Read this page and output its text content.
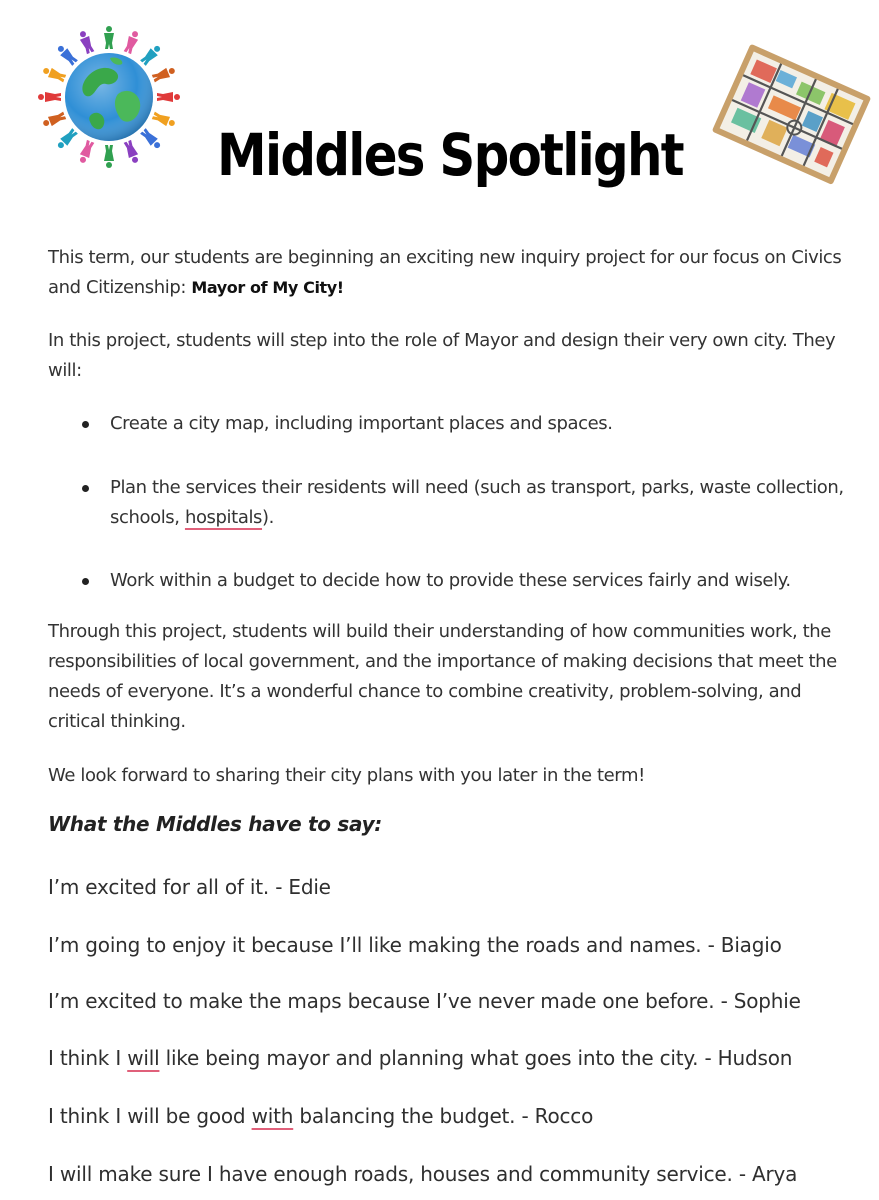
Middles Spotlight
This term, our students are beginning an exciting new inquiry project for our focus on Civics and Citizenship: Mayor of My City!
In this project, students will step into the role of Mayor and design their very own city. They will:
Create a city map, including important places and spaces.
Plan the services their residents will need (such as transport, parks, waste collection, schools, hospitals).
Work within a budget to decide how to provide these services fairly and wisely.
Through this project, students will build their understanding of how communities work, the responsibilities of local government, and the importance of making decisions that meet the needs of everyone. It’s a wonderful chance to combine creativity, problem-solving, and critical thinking.
We look forward to sharing their city plans with you later in the term!
What the Middles have to say:
I’m excited for all of it. - Edie
I’m going to enjoy it because I’ll like making the roads and names. - Biagio
I’m excited to make the maps because I’ve never made one before. - Sophie
I think I will like being mayor and planning what goes into the city. - Hudson
I think I will be good with balancing the budget. - Rocco
I will make sure I have enough roads, houses and community service. - Arya
